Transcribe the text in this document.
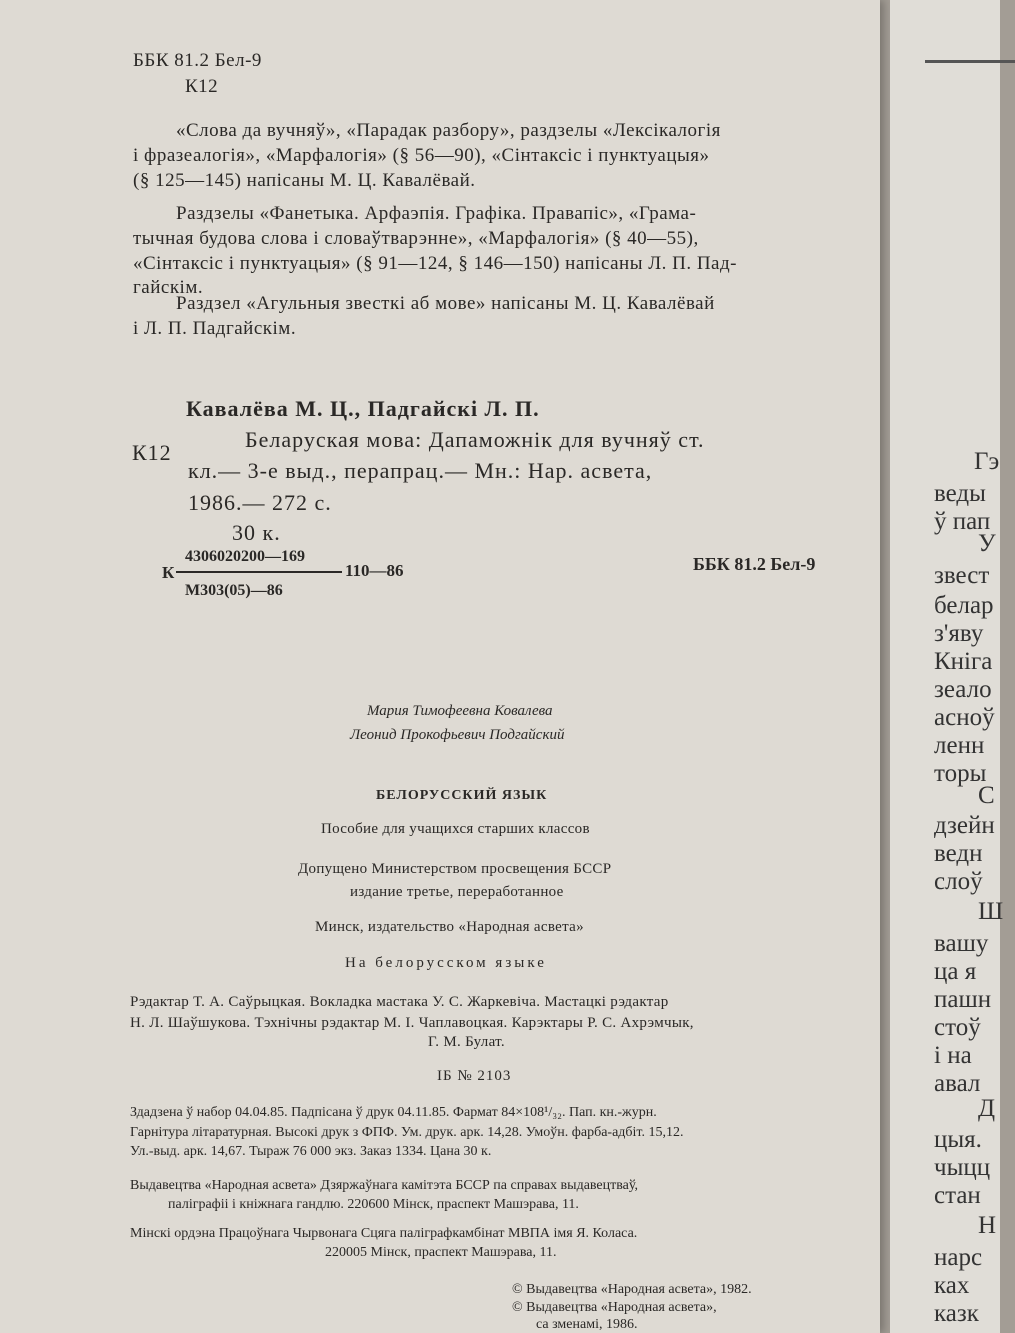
ББК 81.2 Бел-9
К12
«Слова да вучняў», «Парадак разбору», раздзелы «Лексікалогія
і фразеалогія», «Марфалогія» (§ 56—90), «Сінтаксіс і пунктуацыя»
(§ 125—145) напісаны М. Ц. Кавалёвай.
Раздзелы «Фанетыка. Арфаэпія. Графіка. Правапіс», «Грама-
тычная будова слова і словаўтварэнне», «Марфалогія» (§ 40—55),
«Сінтаксіс і пунктуацыя» (§ 91—124, § 146—150) напісаны Л. П. Пад-
гайскім.
Раздзел «Агульныя звесткі аб мове» напісаны М. Ц. Кавалёвай
і Л. П. Падгайскім.
Кавалёва М. Ц., Падгайскі Л. П.
К12
Беларуская мова: Дапаможнік для вучняў ст.
кл.— 3-е выд., перапрац.— Мн.: Нар. асвета,
1986.— 272 с.
30 к.
К
4306020200—169
М303(05)—86
110—86	ББК 81.2 Бел-9
Мария Тимофеевна Ковалева
Леонид Прокофьевич Подгайский
БЕЛОРУССКИЙ ЯЗЫК
Пособие для учащихся старших классов
Допущено Министерством просвещения БССР
издание третье, переработанное
Минск, издательство «Народная асвета»
На белорусском языке
Рэдактар Т. А. Саўрыцкая. Вокладка мастака У. С. Жаркевіча. Мастацкі рэдактар
Н. Л. Шаўшукова. Тэхнічны рэдактар М. І. Чаплавоцкая. Карэктары Р. С. Ахрэмчык,
Г. М. Булат.
ІБ № 2103
Здадзена ў набор 04.04.85. Падпісана ў друк 04.11.85. Фармат 84×108¹/₃₂. Пап. кн.-журн.
Гарнітура літаратурная. Высокі друк з ФПФ. Ум. друк. арк. 14,28. Умоўн. фарба-адбіт. 15,12.
Ул.-выд. арк. 14,67. Тыраж 76 000 экз. Заказ 1334. Цана 30 к.
Выдавецтва «Народная асвета» Дзяржаўнага камітэта БССР па справах выдавецтваў,
паліграфіі і кніжнага гандлю. 220600 Мінск, праспект Машэрава, 11.
Мінскі ордэна Працоўнага Чырвонага Сцяга паліграфкамбінат МВПА імя Я. Коласа.
220005 Мінск, праспект Машэрава, 11.
© Выдавецтва «Народная асвета», 1982.
© Выдавецтва «Народная асвета»,
са зменамі, 1986.
Гэ
веды
ў пап
У
звест
белар
з'яву
Кніга
зеало
асноў
ленн
торы
С
дзейн
ведн
слоў
Ш
вашу
ца я
пашн
стоў
і на
авал
Д
цыя.
чыцц
стан
Н
нарс
ках
казк
